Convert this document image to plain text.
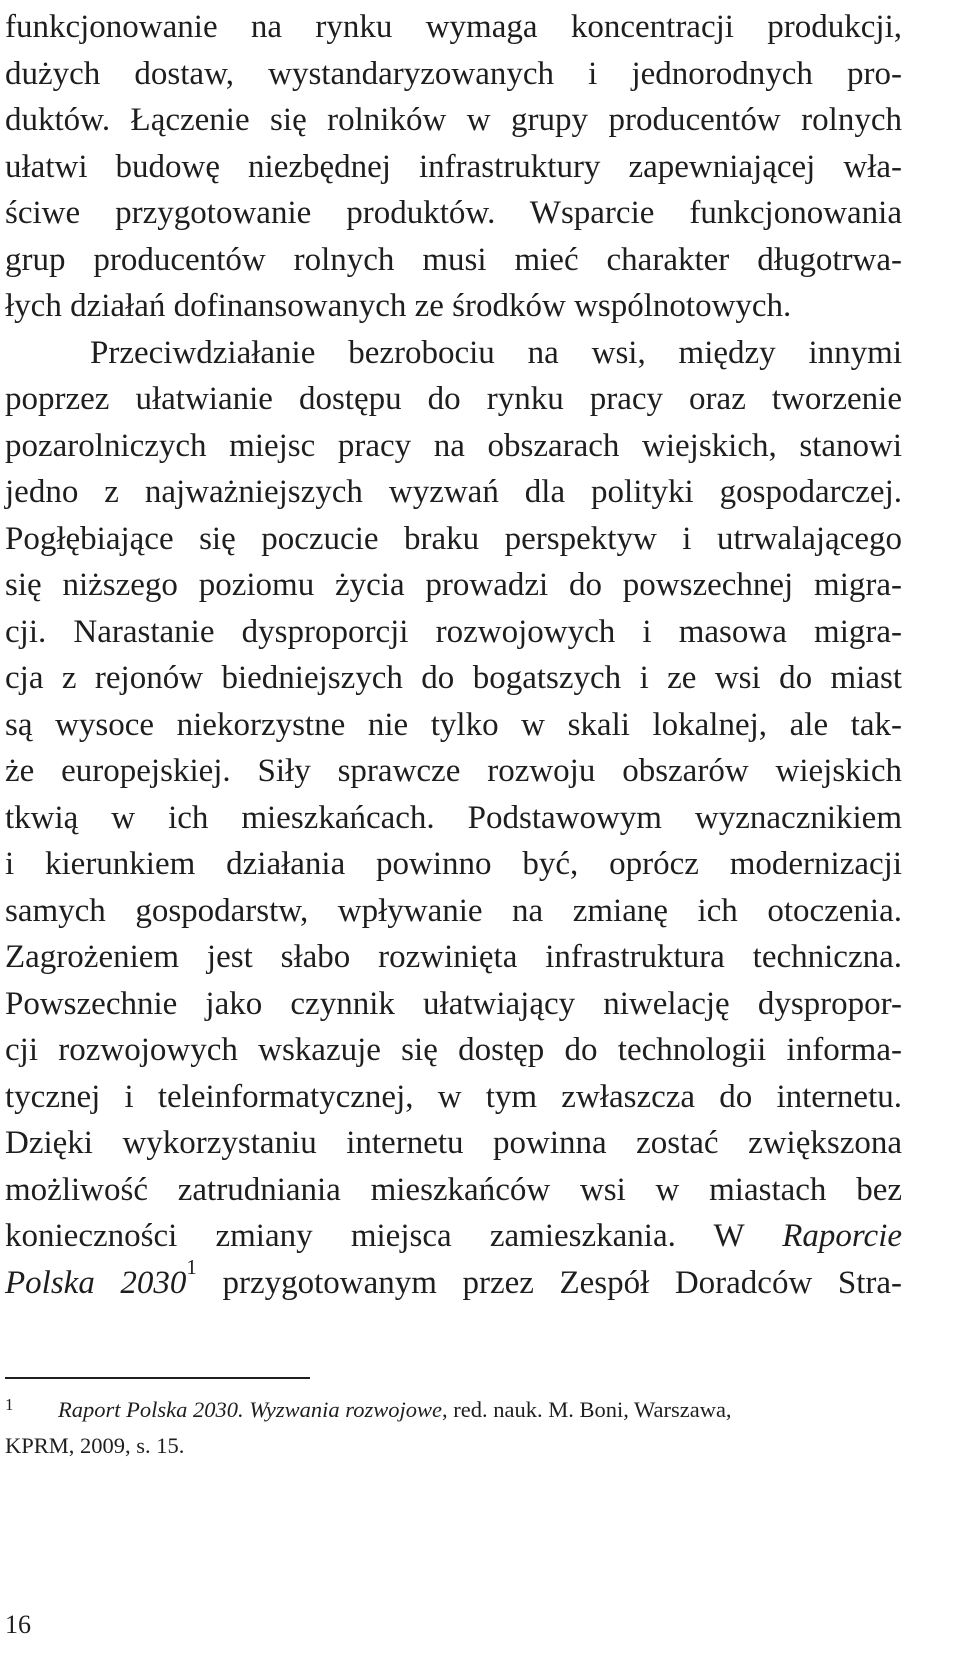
funkcjonowanie na rynku wymaga koncentracji produkcji,
dużych dostaw, wystandaryzowanych i jednorodnych pro-
duktów. Łączenie się rolników w grupy producentów rolnych
ułatwi budowę niezbędnej infrastruktury zapewniającej wła-
ściwe przygotowanie produktów. Wsparcie funkcjonowania
grup producentów rolnych musi mieć charakter długotrwa-
łych działań dofinansowanych ze środków wspólnotowych.
Przeciwdziałanie bezrobociu na wsi, między innymi
poprzez ułatwianie dostępu do rynku pracy oraz tworzenie
pozarolniczych miejsc pracy na obszarach wiejskich, stanowi
jedno z najważniejszych wyzwań dla polityki gospodarczej.
Pogłębiające się poczucie braku perspektyw i utrwalającego
się niższego poziomu życia prowadzi do powszechnej migra-
cji. Narastanie dysproporcji rozwojowych i masowa migra-
cja z rejonów biedniejszych do bogatszych i ze wsi do miast
są wysoce niekorzystne nie tylko w skali lokalnej, ale tak-
że europejskiej. Siły sprawcze rozwoju obszarów wiejskich
tkwią w ich mieszkańcach. Podstawowym wyznacznikiem
i kierunkiem działania powinno być, oprócz modernizacji
samych gospodarstw, wpływanie na zmianę ich otoczenia.
Zagrożeniem jest słabo rozwinięta infrastruktura techniczna.
Powszechnie jako czynnik ułatwiający niwelację dyspropor-
cji rozwojowych wskazuje się dostęp do technologii informa-
tycznej i teleinformatycznej, w tym zwłaszcza do internetu.
Dzięki wykorzystaniu internetu powinna zostać zwiększona
możliwość zatrudniania mieszkańców wsi w miastach bez
konieczności zmiany miejsca zamieszkania. W Raporcie
Polska 2030$^1$ przygotowanym przez Zespół Doradców Stra-
1 Raport Polska 2030. Wyzwania rozwojowe, red. nauk. M. Boni, Warszawa,
KPRM, 2009, s. 15.
16
